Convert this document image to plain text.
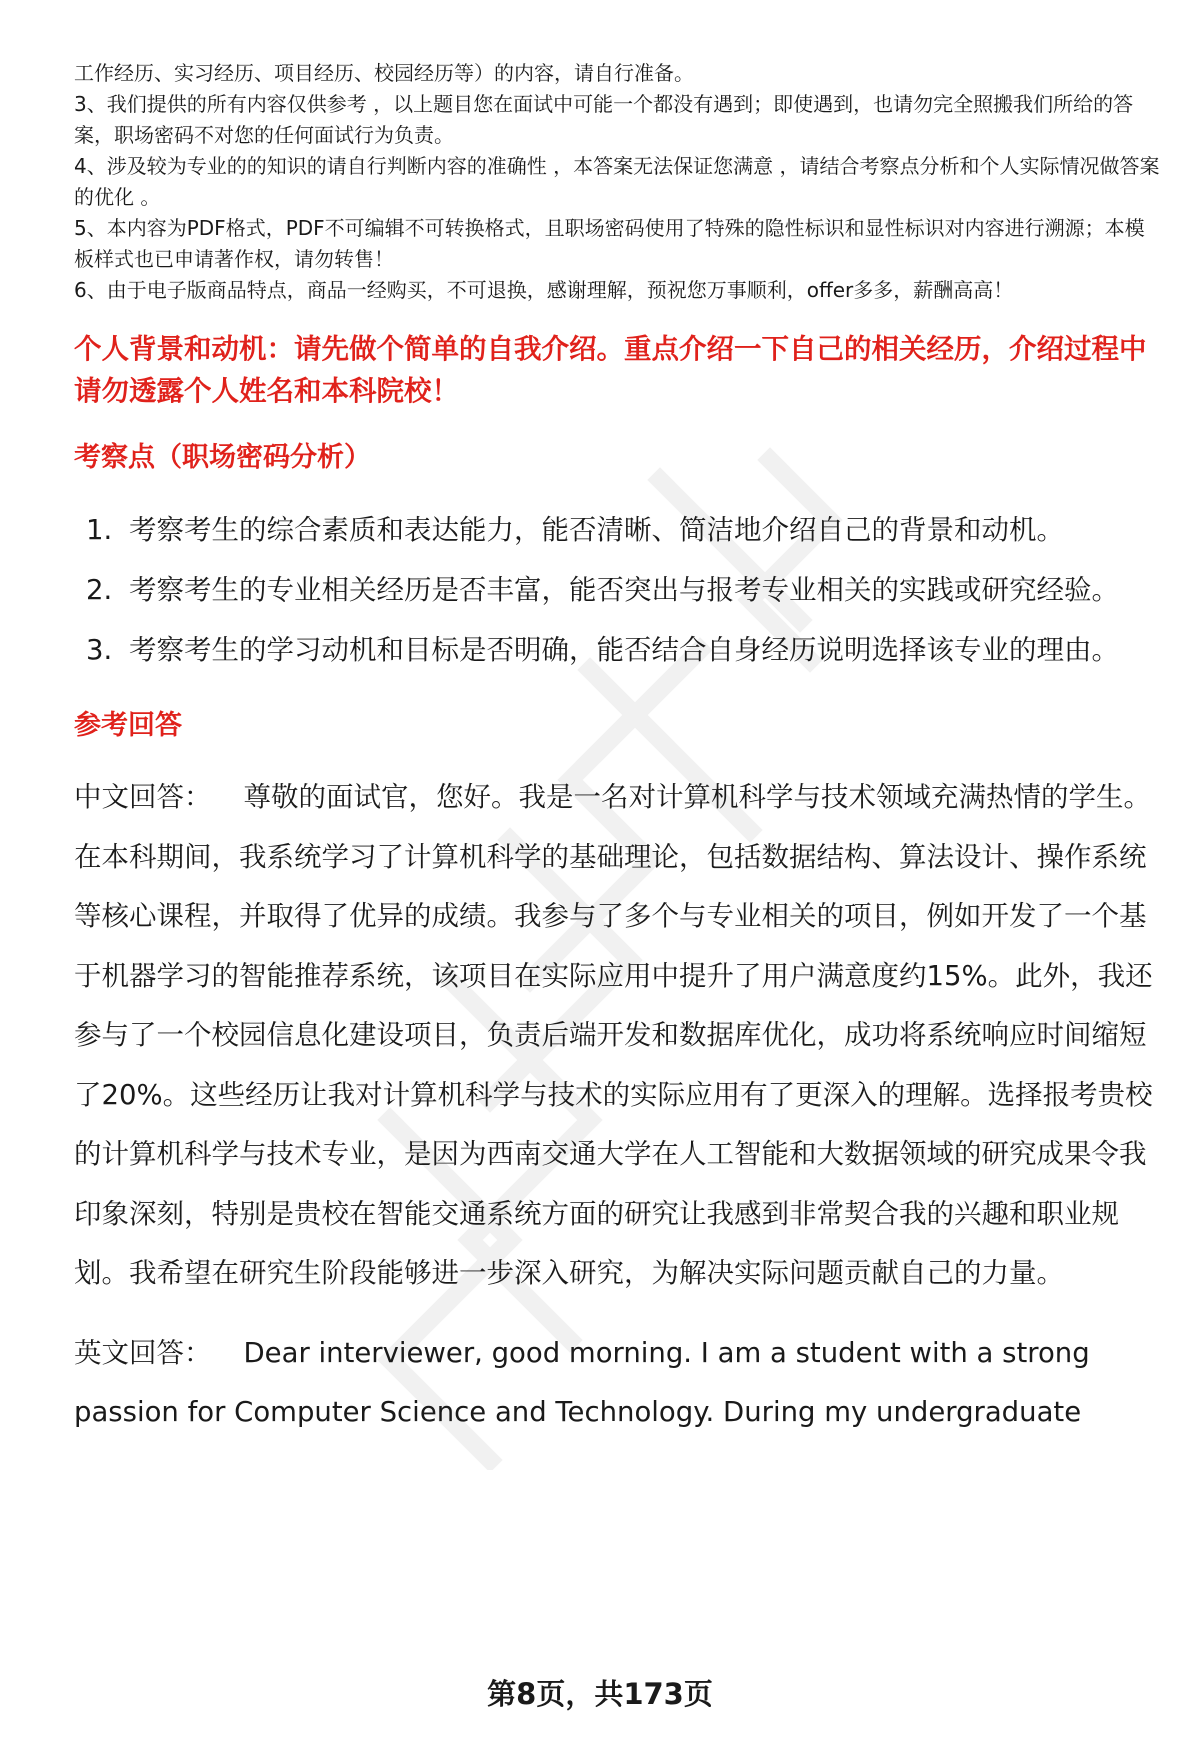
工作经历、实习经历、项目经历、校园经历等）的内容，请自行准备。

3、我们提供的所有内容仅供参考 ，以上题目您在面试中可能一个都没有遇到；即使遇到，也请勿完全照搬我们所给的答案，职场密码不对您的任何面试行为负责。

4、涉及较为专业的的知识的请自行判断内容的准确性 ，本答案无法保证您满意 ，请结合考察点分析和个人实际情况做答案的优化 。

5、本内容为PDF格式，PDF不可编辑不可转换格式，且职场密码使用了特殊的隐性标识和显性标识对内容进行溯源；本模板样式也已申请著作权，请勿转售！

6、由于电子版商品特点，商品一经购买，不可退换，感谢理解，预祝您万事顺利，offer多多，薪酬高高！

个人背景和动机：请先做个简单的自我介绍。重点介绍一下自己的相关经历，介绍过程中请勿透露个人姓名和本科院校！

考察点（职场密码分析）

1. 考察考生的综合素质和表达能力，能否清晰、简洁地介绍自己的背景和动机。
2. 考察考生的专业相关经历是否丰富，能否突出与报考专业相关的实践或研究经验。
3. 考察考生的学习动机和目标是否明确，能否结合自身经历说明选择该专业的理由。

参考回答

中文回答： 尊敬的面试官，您好。我是一名对计算机科学与技术领域充满热情的学生。在本科期间，我系统学习了计算机科学的基础理论，包括数据结构、算法设计、操作系统等核心课程，并取得了优异的成绩。我参与了多个与专业相关的项目，例如开发了一个基于机器学习的智能推荐系统，该项目在实际应用中提升了用户满意度约15%。此外，我还参与了一个校园信息化建设项目，负责后端开发和数据库优化，成功将系统响应时间缩短了20%。这些经历让我对计算机科学与技术的实际应用有了更深入的理解。选择报考贵校的计算机科学与技术专业，是因为西南交通大学在人工智能和大数据领域的研究成果令我印象深刻，特别是贵校在智能交通系统方面的研究让我感到非常契合我的兴趣和职业规划。我希望在研究生阶段能够进一步深入研究，为解决实际问题贡献自己的力量。

英文回答： Dear interviewer, good morning. I am a student with a strong passion for Computer Science and Technology. During my undergraduate

第8页，共173页
